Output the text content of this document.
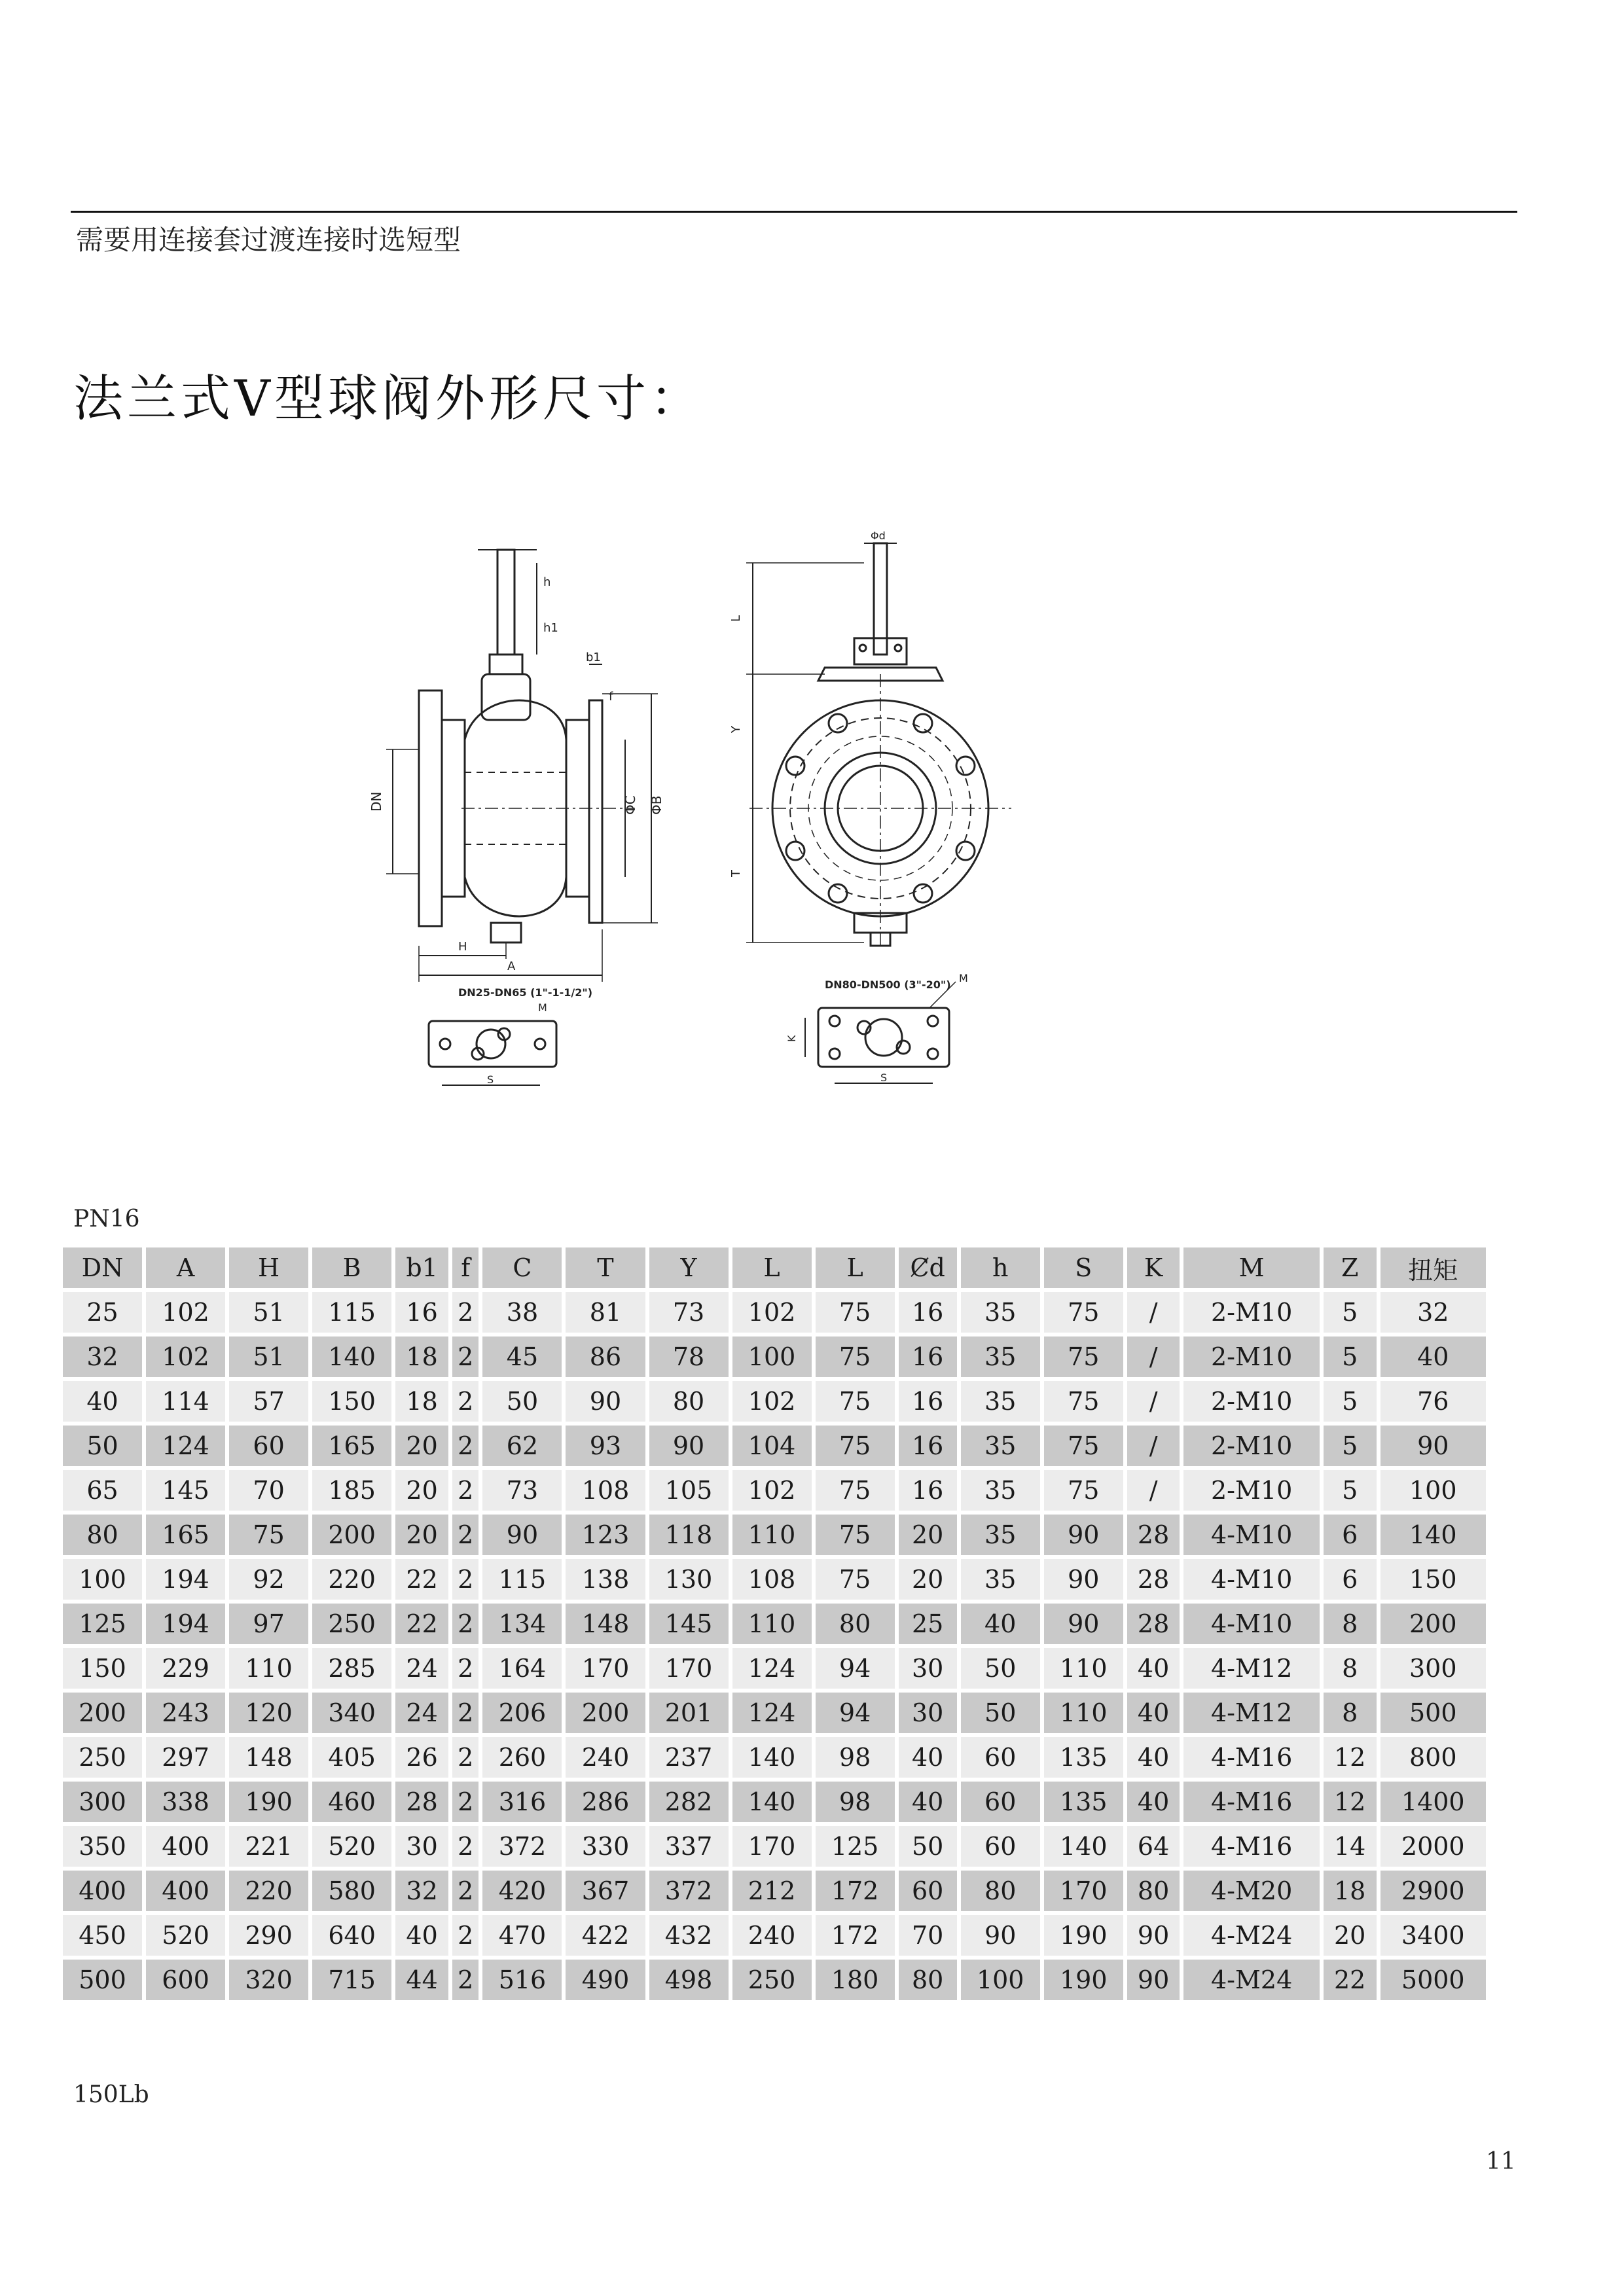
需要用连接套过渡连接时选短型
法兰式V型球阀外形尺寸：
DN	ΦC ΦB
h
h1
b1
f
H
A
DN25-DN65 (1"-1-1/2")
S
M
L
Y
T
Φd
DN80-DN500 (3"-20")
K
S
M
PN16
DN	A	H	B	b1	f	C	T	Y	L	L	Ȼd	h	S	K	M	Z	扭矩
25	102	51	115	16	2	38	81	73	102	75	16	35	75	/	2-M10	5	32
32	102	51	140	18	2	45	86	78	100	75	16	35	75	/	2-M10	5	40
40	114	57	150	18	2	50	90	80	102	75	16	35	75	/	2-M10	5	76
50	124	60	165	20	2	62	93	90	104	75	16	35	75	/	2-M10	5	90
65	145	70	185	20	2	73	108	105	102	75	16	35	75	/	2-M10	5	100
80	165	75	200	20	2	90	123	118	110	75	20	35	90	28	4-M10	6	140
100	194	92	220	22	2	115	138	130	108	75	20	35	90	28	4-M10	6	150
125	194	97	250	22	2	134	148	145	110	80	25	40	90	28	4-M10	8	200
150	229	110	285	24	2	164	170	170	124	94	30	50	110	40	4-M12	8	300
200	243	120	340	24	2	206	200	201	124	94	30	50	110	40	4-M12	8	500
250	297	148	405	26	2	260	240	237	140	98	40	60	135	40	4-M16	12	800
300	338	190	460	28	2	316	286	282	140	98	40	60	135	40	4-M16	12	1400
350	400	221	520	30	2	372	330	337	170	125	50	60	140	64	4-M16	14	2000
400	400	220	580	32	2	420	367	372	212	172	60	80	170	80	4-M20	18	2900
450	520	290	640	40	2	470	422	432	240	172	70	90	190	90	4-M24	20	3400
500	600	320	715	44	2	516	490	498	250	180	80	100	190	90	4-M24	22	5000
150Lb
11
